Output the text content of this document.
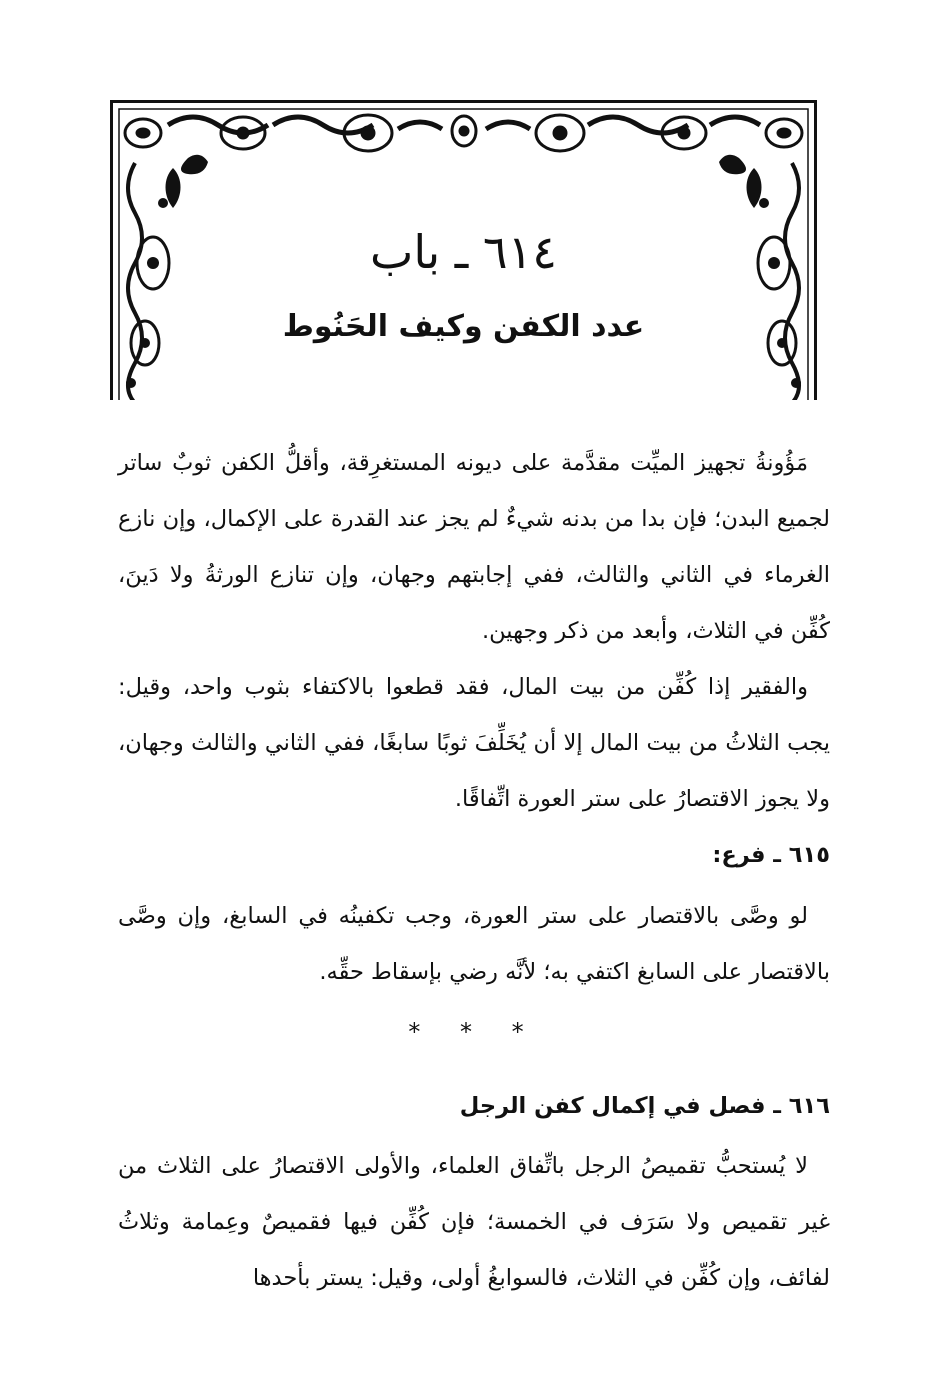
٦١٤ ـ باب
عدد الكفن وكيف الحَنُوط

مَؤُونةُ تجهيز الميِّت مقدَّمة على ديونه المستغرِقة، وأقلُّ الكفن ثوبٌ ساتر لجميع البدن؛ فإن بدا من بدنه شيءٌ لم يجز عند القدرة على الإكمال، وإن نازع الغرماء في الثاني والثالث، ففي إجابتهم وجهان، وإن تنازع الورثةُ ولا دَينَ، كُفِّن في الثلاث، وأبعد من ذكر وجهين.

والفقير إذا كُفِّن من بيت المال، فقد قطعوا بالاكتفاء بثوب واحد، وقيل: يجب الثلاثُ من بيت المال إلا أن يُخَلِّفَ ثوبًا سابغًا، ففي الثاني والثالث وجهان، ولا يجوز الاقتصارُ على ستر العورة اتِّفاقًا.

٦١٥ ـ فرع:

لو وصَّى بالاقتصار على ستر العورة، وجب تكفينُه في السابغ، وإن وصَّى بالاقتصار على السابغ اكتفي به؛ لأنَّه رضي بإسقاط حقِّه.

* * *

٦١٦ ـ فصل في إكمال كفن الرجل

لا يُستحبُّ تقميصُ الرجل باتِّفاق العلماء، والأولى الاقتصارُ على الثلاث من غير تقميص ولا سَرَف في الخمسة؛ فإن كُفِّن فيها فقميصٌ وعِمامة وثلاثُ لفائف، وإن كُفِّن في الثلاث، فالسوابغُ أولى، وقيل: يستر بأحدها
